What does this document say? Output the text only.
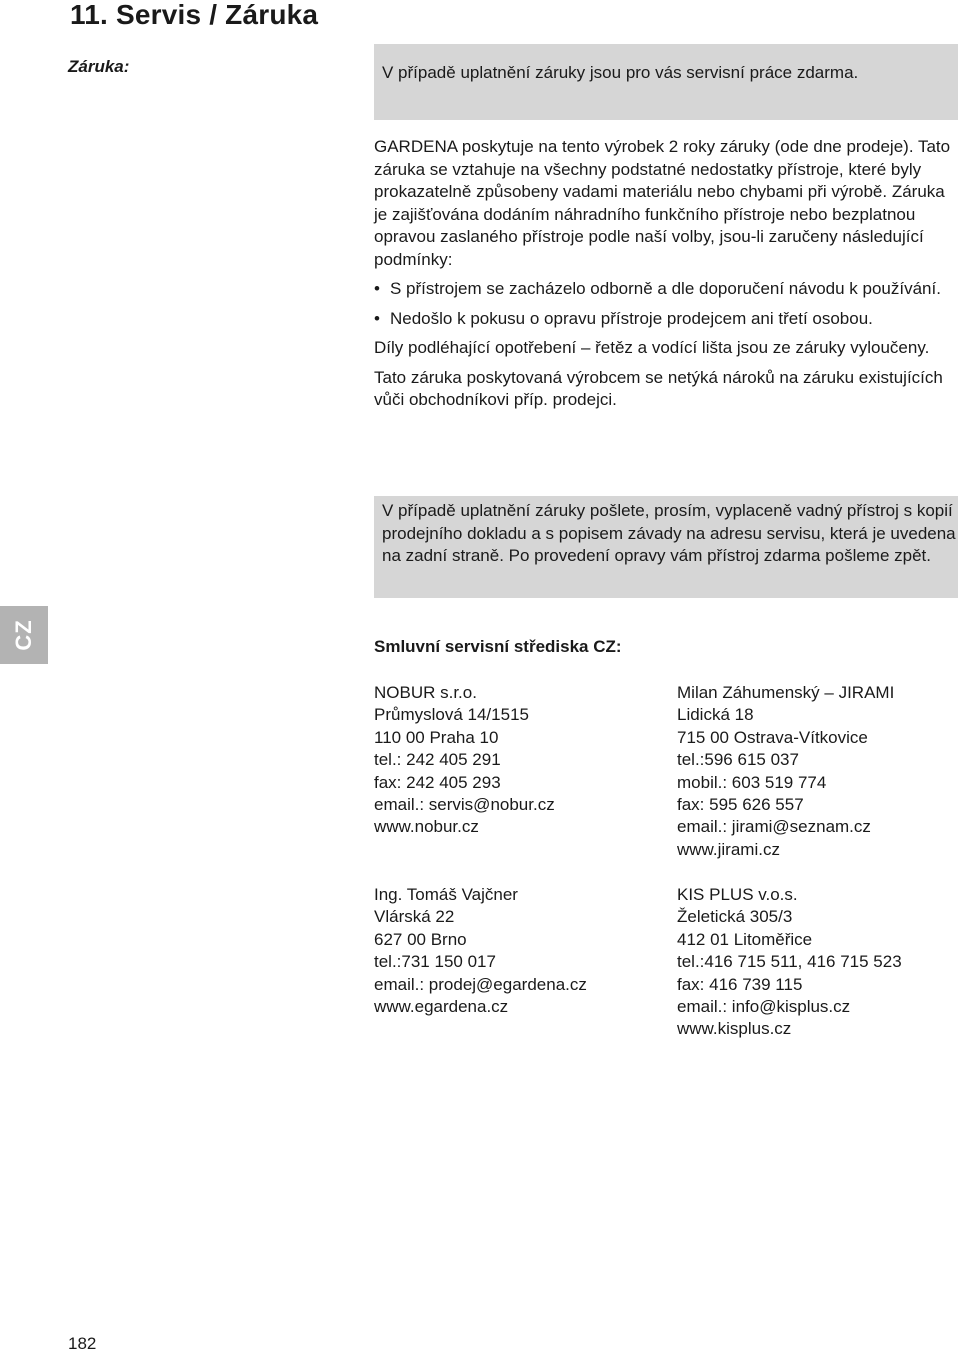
11. Servis / Záruka
Záruka:	V případě uplatnění záruky jsou pro vás servisní práce zdarma.

GARDENA poskytuje na tento výrobek 2 roky záruky (ode dne prodeje). Tato záruka se vztahuje na všechny podstatné nedostatky přístroje, které byly prokazatelně způsobeny vadami materiálu nebo chybami při výrobě. Záruka je zajišťována dodáním náhradního funkčního přístroje nebo bezplatnou opravou zaslaného přístroje podle naší volby, jsou-li zaručeny následující podmínky:

• S přístrojem se zacházelo odborně a dle doporučení návodu k používání.
• Nedošlo k pokusu o opravu přístroje prodejcem ani třetí osobou.

Díly podléhající opotřebení – řetěz a vodící lišta jsou ze záruky vyloučeny.

Tato záruka poskytovaná výrobcem se netýká nároků na záruku existujících vůči obchodníkovi příp. prodejci.

V případě uplatnění záruky pošlete, prosím, vyplaceně vadný přístroj s kopií prodejního dokladu a s popisem závady na adresu servisu, která je uvedena na zadní straně. Po provedení opravy vám přístroj zdarma pošleme zpět.
CZ	Smluvní servisní střediska CZ:
NOBUR s.r.o.
Průmyslová 14/1515
110 00 Praha 10
tel.: 242 405 291
fax: 242 405 293
email.: servis@nobur.cz
www.nobur.cz
Milan Záhumenský – JIRAMI
Lidická 18
715 00 Ostrava-Vítkovice
tel.:596 615 037
mobil.: 603 519 774
fax: 595 626 557
email.: jirami@seznam.cz
www.jirami.cz
Ing. Tomáš Vajčner
Vlárská 22
627 00 Brno
tel.:731 150 017
email.: prodej@egardena.cz
www.egardena.cz
KIS PLUS v.o.s.
Želetická 305/3
412 01 Litoměřice
tel.:416 715 511, 416 715 523
fax: 416 739 115
email.: info@kisplus.cz
www.kisplus.cz
182
